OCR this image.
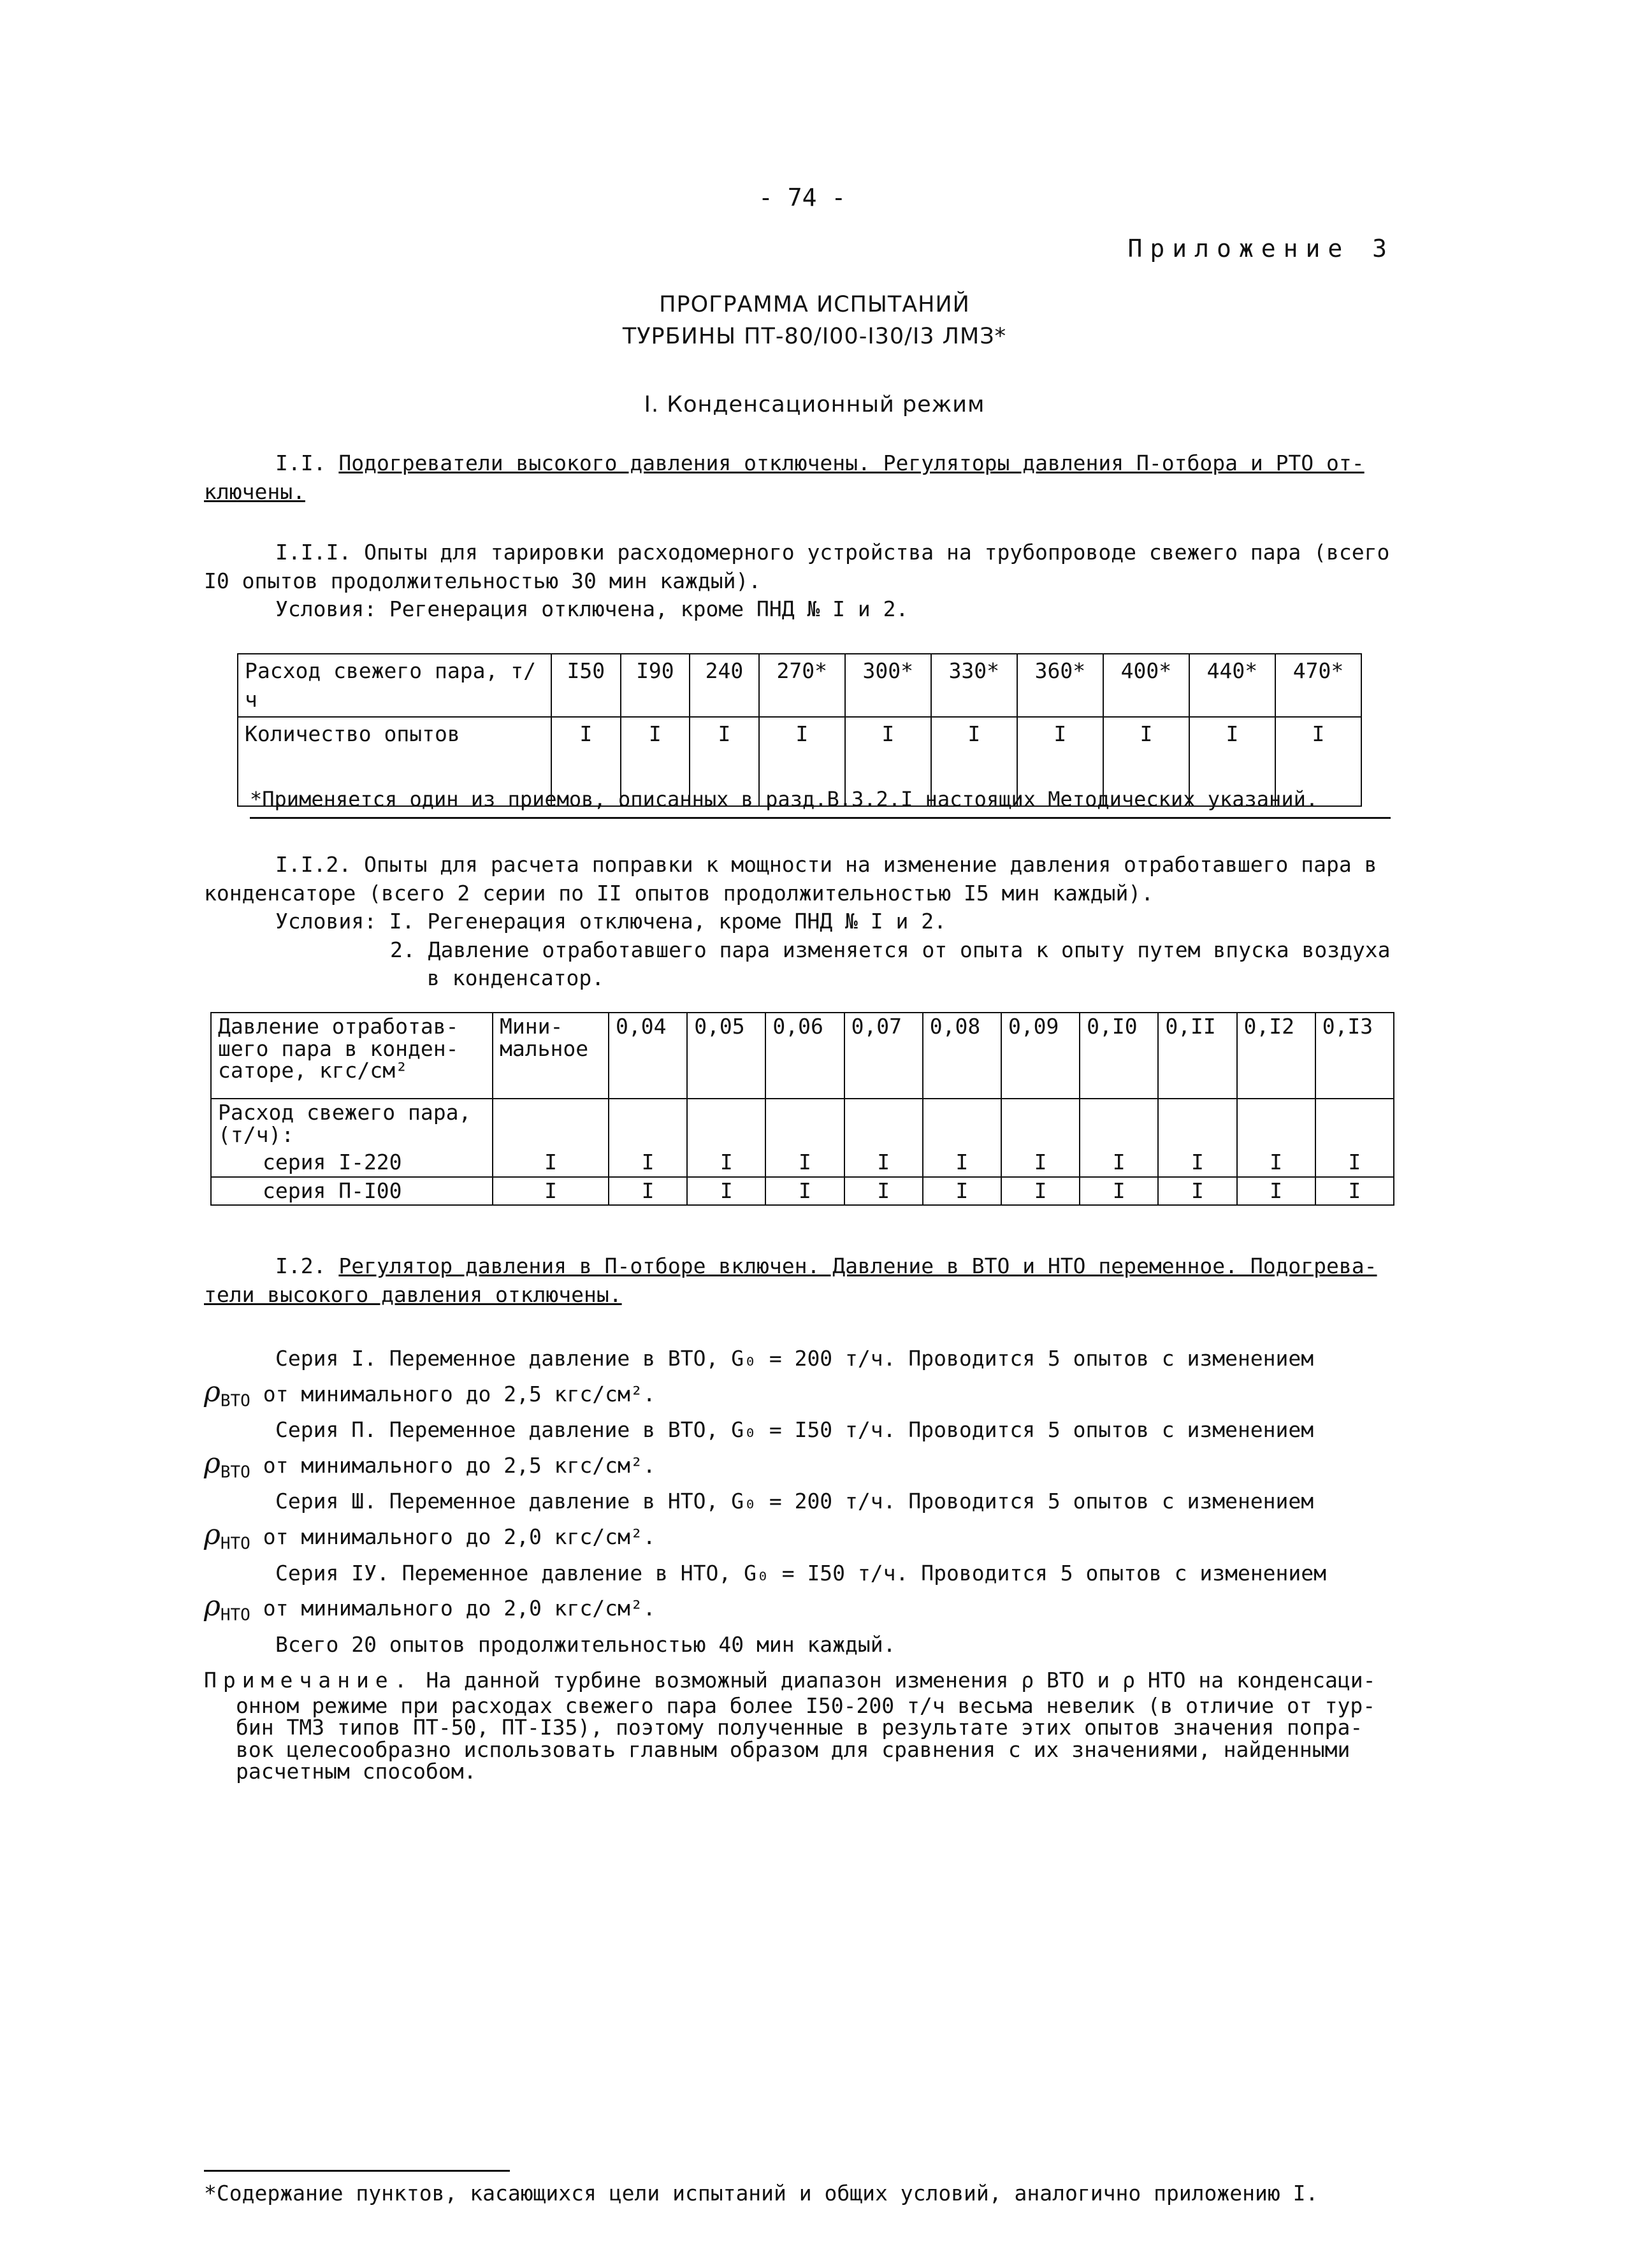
- 74 -
Приложение 3
ПРОГРАММА ИСПЫТАНИЙ
ТУРБИНЫ ПТ-80/I00-I30/I3 ЛМЗ*
I. Конденсационный режим
I.I. Подогреватели высокого давления отключены. Регуляторы давления П-отбора и РТО от-
ключены.
I.I.I. Опыты для тарировки расходомерного устройства на трубопроводе свежего пара (всего
I0 опытов продолжительностью 30 мин каждый).
Условия: Регенерация отключена, кроме ПНД № I и 2.
Расход свежего пара, т/ч	I50	I90	240	270*	300*	330*	360*	400*	440*	470*
Количество опытов	I	I	I	I	I	I	I	I	I	I
*Применяется один из приемов, описанных в разд.В.3.2.I настоящих Методических указаний.
I.I.2. Опыты для расчета поправки к мощности на изменение давления отработавшего пара в
конденсаторе (всего 2 серии по II опытов продолжительностью I5 мин каждый).
Условия: I. Регенерация отключена, кроме ПНД № I и 2.
2. Давление отработавшего пара изменяется от опыта к опыту путем впуска воздуха
в конденсатор.
Давление отработав- шего пара в конден- саторе, кгс/см²	Мини- мальное	0,04	0,05	0,06	0,07	0,08	0,09	0,I0	0,II	0,I2	0,I3
Расход свежего пара, (т/ч):											
серия I-220	I	I	I	I	I	I	I	I	I	I	I
серия П-I00	I	I	I	I	I	I	I	I	I	I	I
I.2. Регулятор давления в П-отборе включен. Давление в ВТО и НТО переменное. Подогрева-
тели высокого давления отключены.
Серия I. Переменное давление в ВТО, G₀ = 200 т/ч. Проводится 5 опытов с изменением
$\rho_{ВТО}$ от минимального до 2,5 кгс/см².
Серия П. Переменное давление в ВТО, G₀ = I50 т/ч. Проводится 5 опытов с изменением
$\rho_{ВТО}$ от минимального до 2,5 кгс/см².
Серия Ш. Переменное давление в НТО, G₀ = 200 т/ч. Проводится 5 опытов с изменением
$\rho_{НТО}$ от минимального до 2,0 кгс/см².
Серия IУ. Переменное давление в НТО, G₀ = I50 т/ч. Проводится 5 опытов с изменением
$\rho_{НТО}$ от минимального до 2,0 кгс/см².
Всего 20 опытов продолжительностью 40 мин каждый.
Примечание. На данной турбине возможный диапазон изменения ρ ВТО и ρ НТО на конденсаци-
онном режиме при расходах свежего пара более I50-200 т/ч весьма невелик (в отличие от тур-
бин ТМЗ типов ПТ-50, ПТ-I35), поэтому полученные в результате этих опытов значения попра-
вок целесообразно использовать главным образом для сравнения с их значениями, найденными
расчетным способом.
*Содержание пунктов, касающихся цели испытаний и общих условий, аналогично приложению I.
